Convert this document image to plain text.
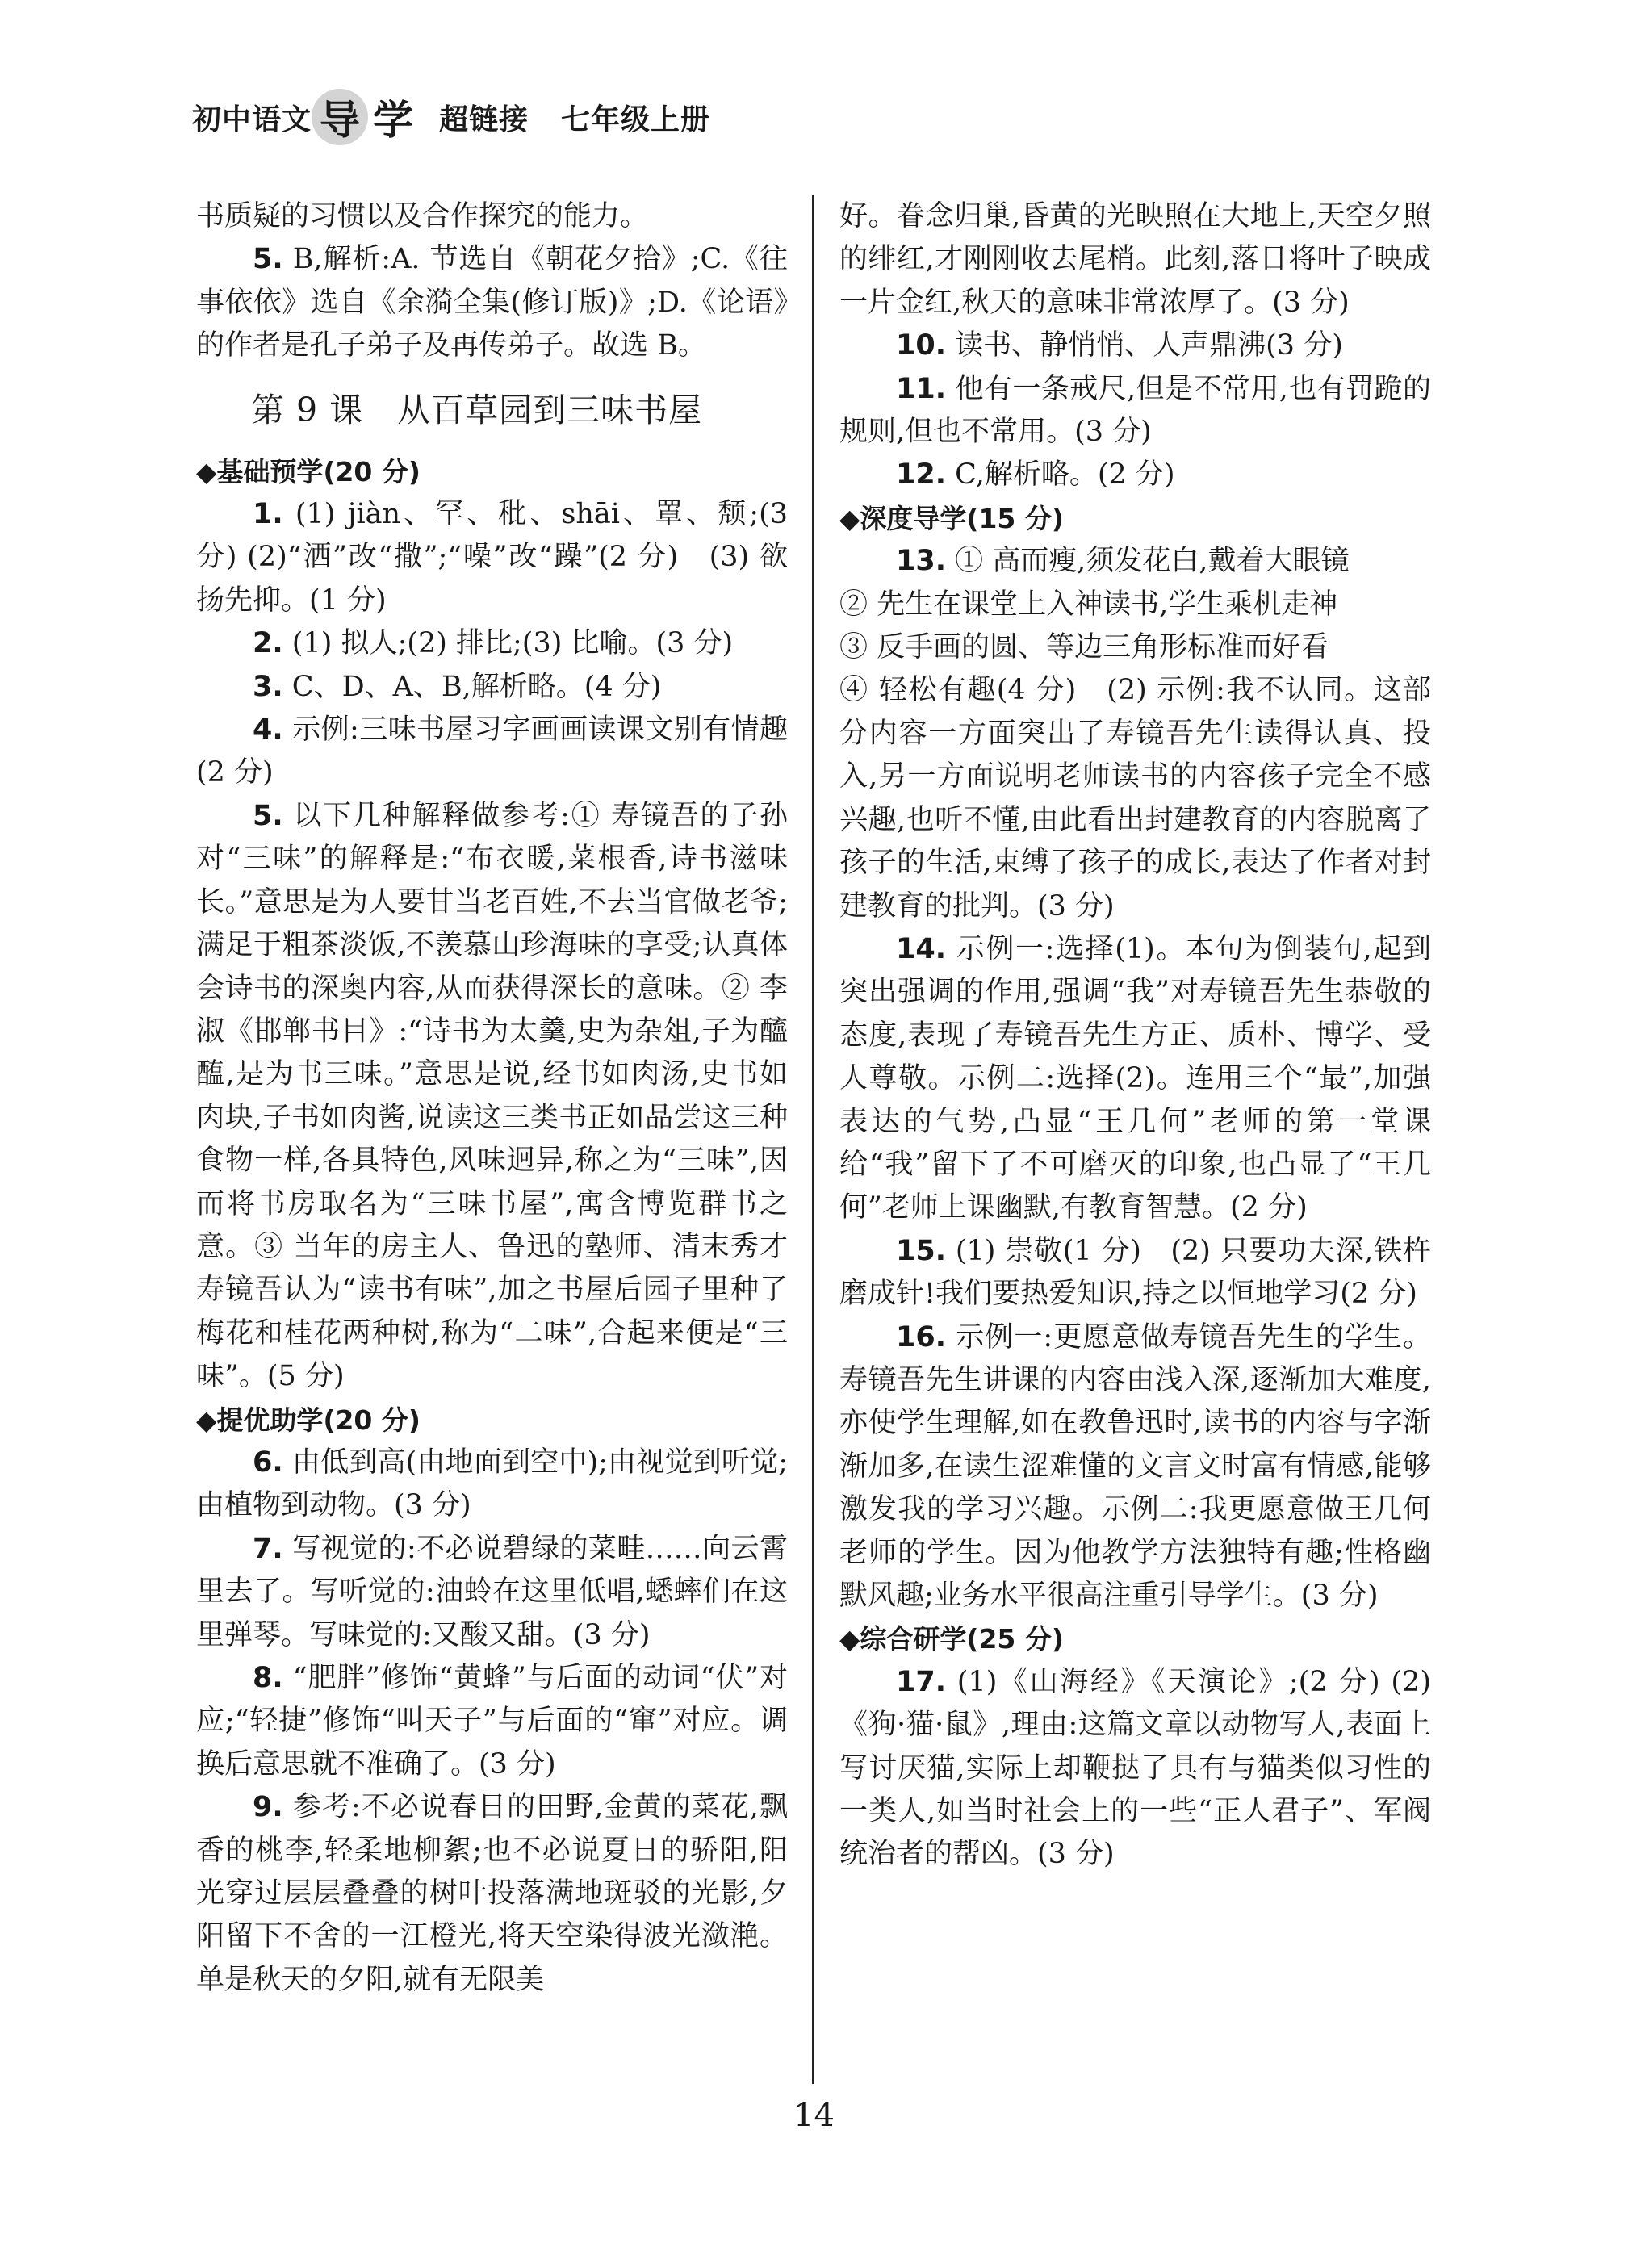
初中语文 导 学 超链接 七年级上册

书质疑的习惯以及合作探究的能力。

5. B,解析:A. 节选自《朝花夕拾》;C.《往事依依》选自《余漪全集(修订版)》;D.《论语》的作者是孔子弟子及再传弟子。故选 B。

第 9 课　从百草园到三味书屋
◆基础预学(20 分)

1. (1) jiàn、罕、秕、shāi、罩、颓;(3 分) (2)“洒”改“撒”;“噪”改“躁”(2 分)　(3) 欲扬先抑。(1 分)

2. (1) 拟人;(2) 排比;(3) 比喻。(3 分)

3. C、D、A、B,解析略。(4 分)

4. 示例:三味书屋习字画画读课文别有情趣(2 分)

5. 以下几种解释做参考:① 寿镜吾的子孙对“三味”的解释是:“布衣暖,菜根香,诗书滋味长。”意思是为人要甘当老百姓,不去当官做老爷;满足于粗茶淡饭,不羡慕山珍海味的享受;认真体会诗书的深奥内容,从而获得深长的意味。② 李淑《邯郸书目》:“诗书为太羹,史为杂俎,子为醯醢,是为书三味。”意思是说,经书如肉汤,史书如肉块,子书如肉酱,说读这三类书正如品尝这三种食物一样,各具特色,风味迥异,称之为“三味”,因而将书房取名为“三味书屋”,寓含博览群书之意。③ 当年的房主人、鲁迅的塾师、清末秀才寿镜吾认为“读书有味”,加之书屋后园子里种了梅花和桂花两种树,称为“二味”,合起来便是“三味”。(5 分)

◆提优助学(20 分)

6. 由低到高(由地面到空中);由视觉到听觉;由植物到动物。(3 分)

7. 写视觉的:不必说碧绿的菜畦……向云霄里去了。写听觉的:油蛉在这里低唱,蟋蟀们在这里弹琴。写味觉的:又酸又甜。(3 分)

8. “肥胖”修饰“黄蜂”与后面的动词“伏”对应;“轻捷”修饰“叫天子”与后面的“窜”对应。调换后意思就不准确了。(3 分)

9. 参考:不必说春日的田野,金黄的菜花,飘香的桃李,轻柔地柳絮;也不必说夏日的骄阳,阳光穿过层层叠叠的树叶投落满地斑驳的光影,夕阳留下不舍的一江橙光,将天空染得波光潋滟。单是秋天的夕阳,就有无限美

好。眷念归巢,昏黄的光映照在大地上,天空夕照的绯红,才刚刚收去尾梢。此刻,落日将叶子映成一片金红,秋天的意味非常浓厚了。(3 分)

10. 读书、静悄悄、人声鼎沸(3 分)

11. 他有一条戒尺,但是不常用,也有罚跪的规则,但也不常用。(3 分)

12. C,解析略。(2 分)

◆深度导学(15 分)

13. ① 高而瘦,须发花白,戴着大眼镜

② 先生在课堂上入神读书,学生乘机走神

③ 反手画的圆、等边三角形标准而好看

④ 轻松有趣(4 分)　(2) 示例:我不认同。这部分内容一方面突出了寿镜吾先生读得认真、投入,另一方面说明老师读书的内容孩子完全不感兴趣,也听不懂,由此看出封建教育的内容脱离了孩子的生活,束缚了孩子的成长,表达了作者对封建教育的批判。(3 分)

14. 示例一:选择(1)。本句为倒装句,起到突出强调的作用,强调“我”对寿镜吾先生恭敬的态度,表现了寿镜吾先生方正、质朴、博学、受人尊敬。示例二:选择(2)。连用三个“最”,加强表达的气势,凸显“王几何”老师的第一堂课给“我”留下了不可磨灭的印象,也凸显了“王几何”老师上课幽默,有教育智慧。(2 分)

15. (1) 崇敬(1 分)　(2) 只要功夫深,铁杵磨成针!我们要热爱知识,持之以恒地学习(2 分)

16. 示例一:更愿意做寿镜吾先生的学生。寿镜吾先生讲课的内容由浅入深,逐渐加大难度,亦使学生理解,如在教鲁迅时,读书的内容与字渐渐加多,在读生涩难懂的文言文时富有情感,能够激发我的学习兴趣。示例二:我更愿意做王几何老师的学生。因为他教学方法独特有趣;性格幽默风趣;业务水平很高注重引导学生。(3 分)

◆综合研学(25 分)

17. (1)《山海经》《天演论》;(2 分) (2)《狗·猫·鼠》,理由:这篇文章以动物写人,表面上写讨厌猫,实际上却鞭挞了具有与猫类似习性的一类人,如当时社会上的一些“正人君子”、军阀统治者的帮凶。(3 分)

14
